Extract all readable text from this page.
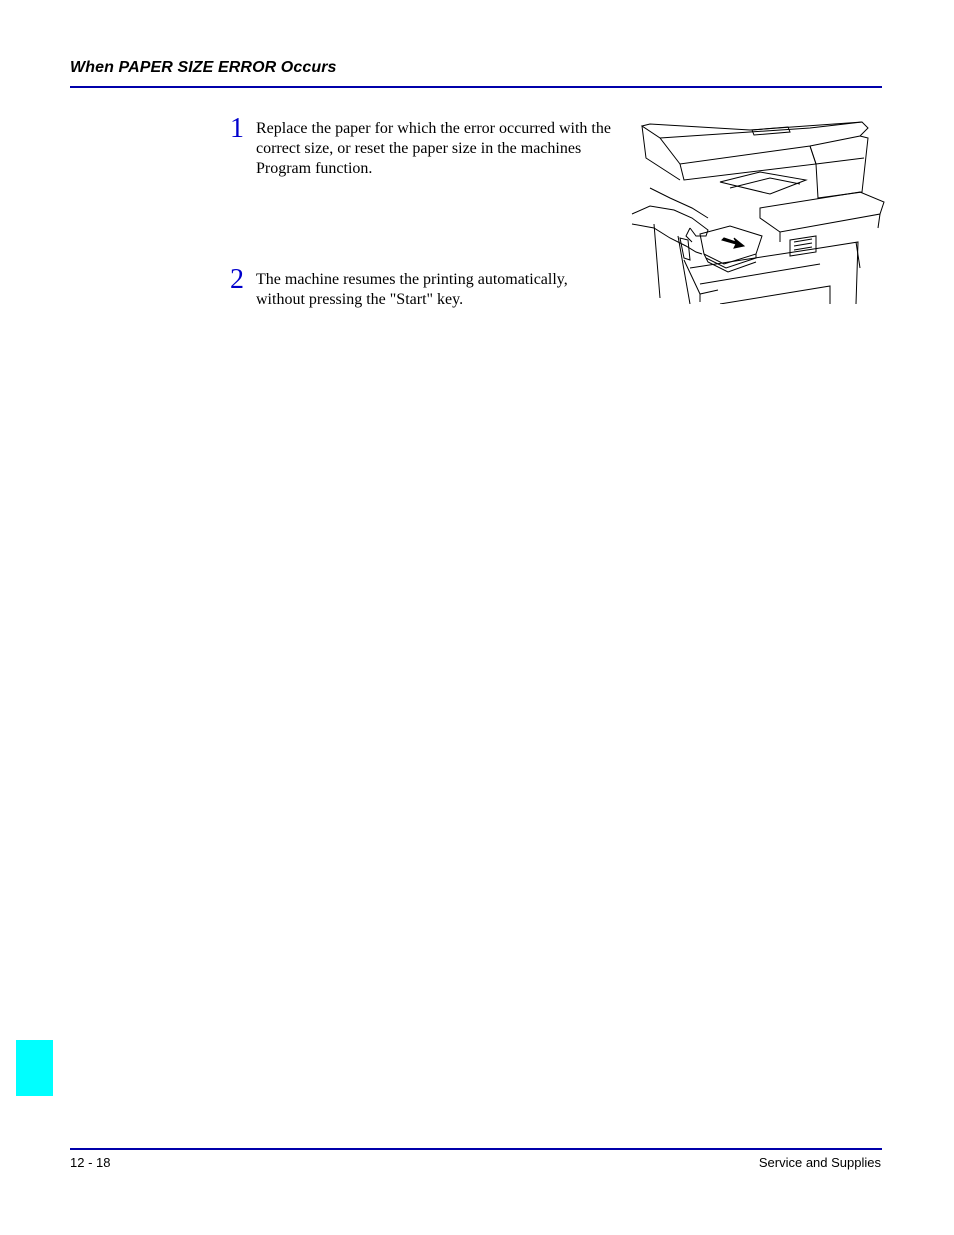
When PAPER SIZE ERROR Occurs
1 Replace the paper for which the error occurred with the correct size, or reset the paper size in the machines Program function.
2 The machine resumes the printing automatically, without pressing the "Start" key.
12 - 18	Service and Supplies
